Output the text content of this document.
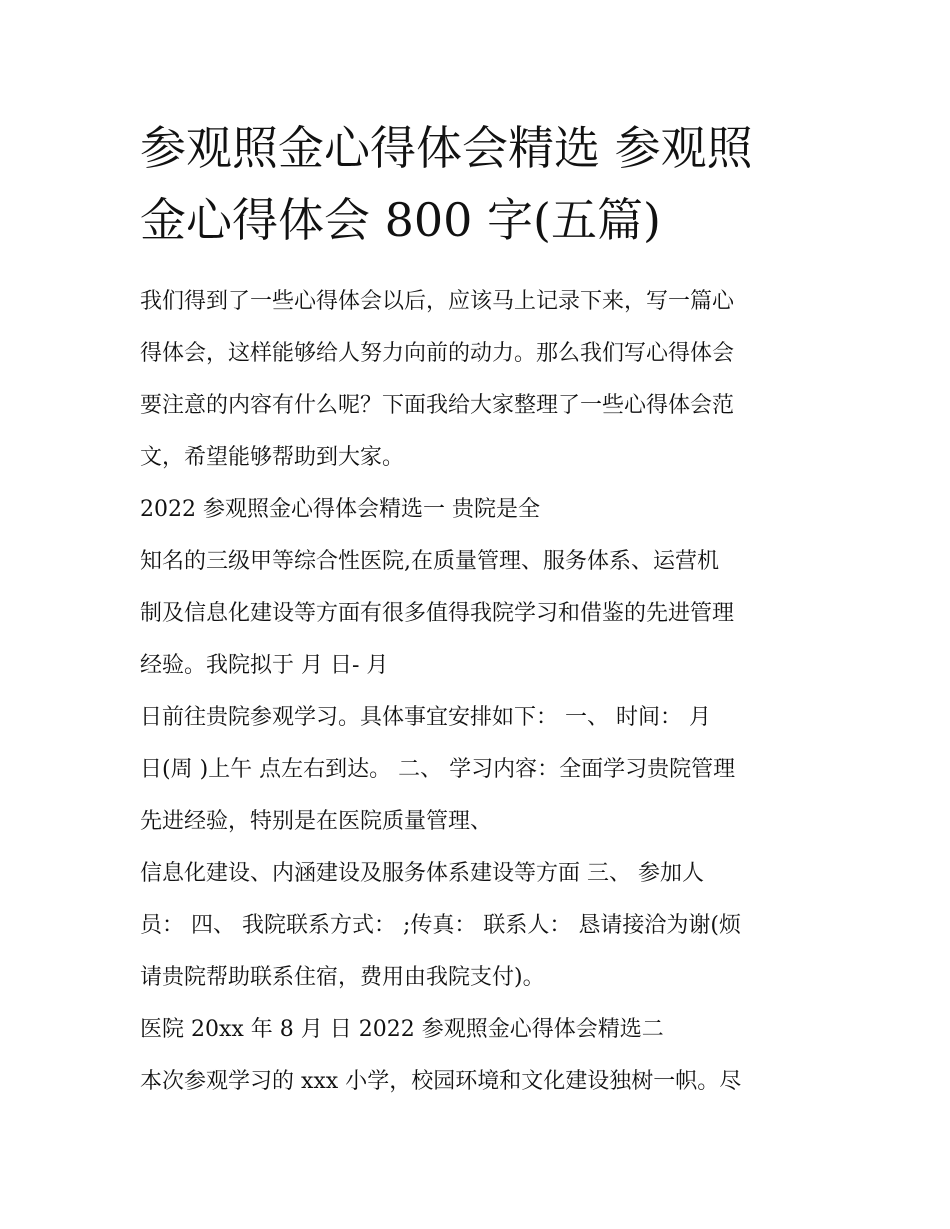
参观照金心得体会精选 参观照
金心得体会 800 字(五篇)
我们得到了一些心得体会以后，应该马上记录下来，写一篇心
得体会，这样能够给人努力向前的动力。那么我们写心得体会
要注意的内容有什么呢？下面我给大家整理了一些心得体会范
文，希望能够帮助到大家。
2022 参观照金心得体会精选一 贵院是全
知名的三级甲等综合性医院,在质量管理、服务体系、运营机
制及信息化建设等方面有很多值得我院学习和借鉴的先进管理
经验。我院拟于 月 日- 月
日前往贵院参观学习。具体事宜安排如下： 一、 时间： 月
日(周 )上午 点左右到达。 二、 学习内容：全面学习贵院管理
先进经验，特别是在医院质量管理、
信息化建设、内涵建设及服务体系建设等方面 三、 参加人
员： 四、 我院联系方式： ;传真： 联系人： 恳请接洽为谢(烦
请贵院帮助联系住宿，费用由我院支付)。
医院 20xx 年 8 月 日 2022 参观照金心得体会精选二
本次参观学习的 xxx 小学，校园环境和文化建设独树一帜。尽
